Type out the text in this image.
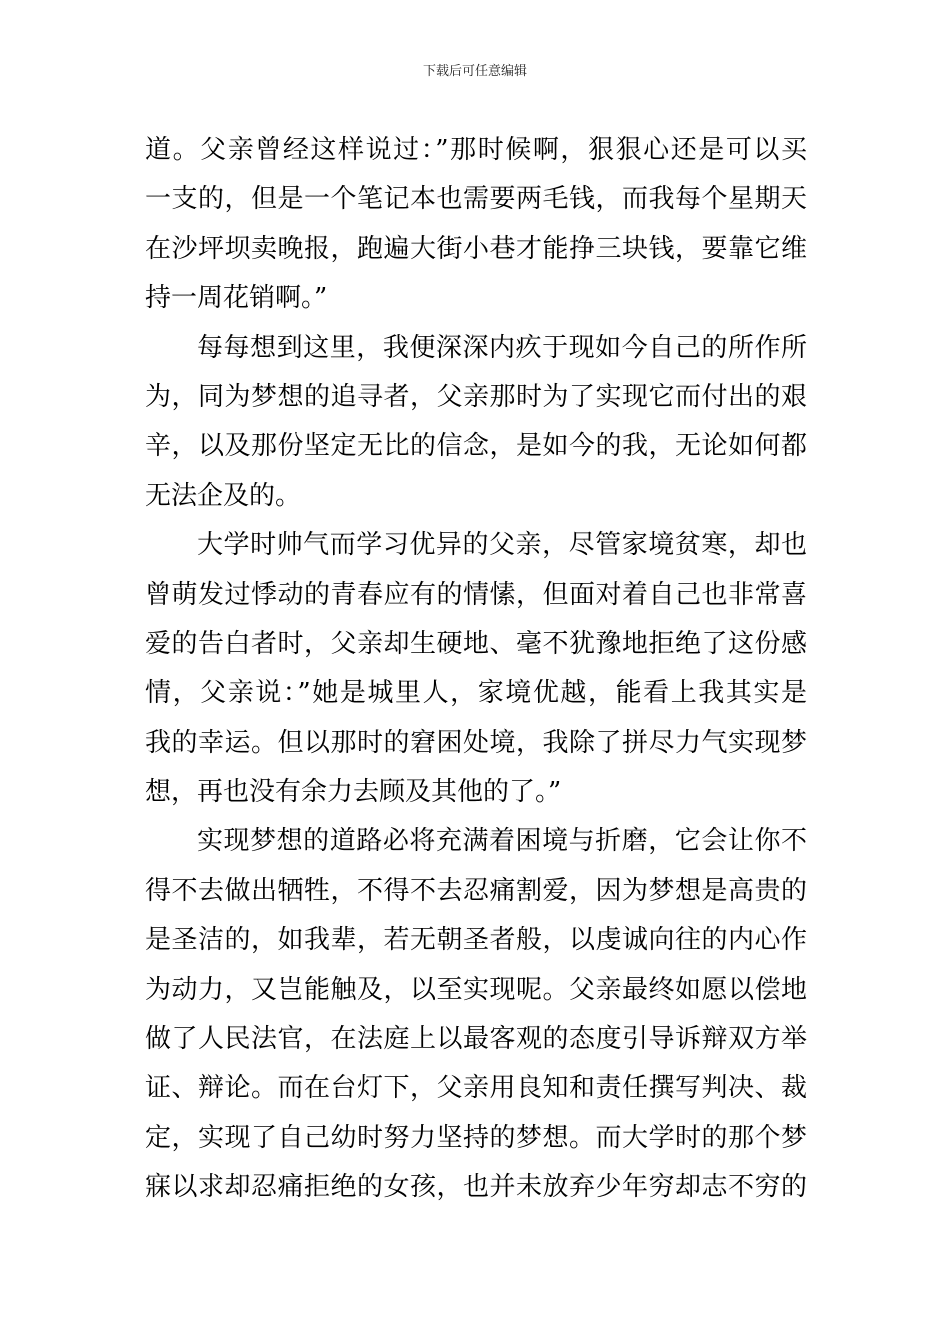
下载后可任意编辑
道。父亲曾经这样说过：”那时候啊，狠狠心还是可以买
一支的，但是一个笔记本也需要两毛钱，而我每个星期天
在沙坪坝卖晚报，跑遍大街小巷才能挣三块钱，要靠它维
持一周花销啊。”
每每想到这里，我便深深内疚于现如今自己的所作所
为，同为梦想的追寻者，父亲那时为了实现它而付出的艰
辛，以及那份坚定无比的信念，是如今的我，无论如何都
无法企及的。
大学时帅气而学习优异的父亲，尽管家境贫寒，却也
曾萌发过悸动的青春应有的情愫，但面对着自己也非常喜
爱的告白者时，父亲却生硬地、毫不犹豫地拒绝了这份感
情，父亲说：”她是城里人，家境优越，能看上我其实是
我的幸运。但以那时的窘困处境，我除了拼尽力气实现梦
想，再也没有余力去顾及其他的了。”
实现梦想的道路必将充满着困境与折磨，它会让你不
得不去做出牺牲，不得不去忍痛割爱，因为梦想是高贵的
是圣洁的，如我辈，若无朝圣者般，以虔诚向往的内心作
为动力，又岂能触及，以至实现呢。父亲最终如愿以偿地
做了人民法官，在法庭上以最客观的态度引导诉辩双方举
证、辩论。而在台灯下，父亲用良知和责任撰写判决、裁
定，实现了自己幼时努力坚持的梦想。而大学时的那个梦
寐以求却忍痛拒绝的女孩，也并未放弃少年穷却志不穷的
